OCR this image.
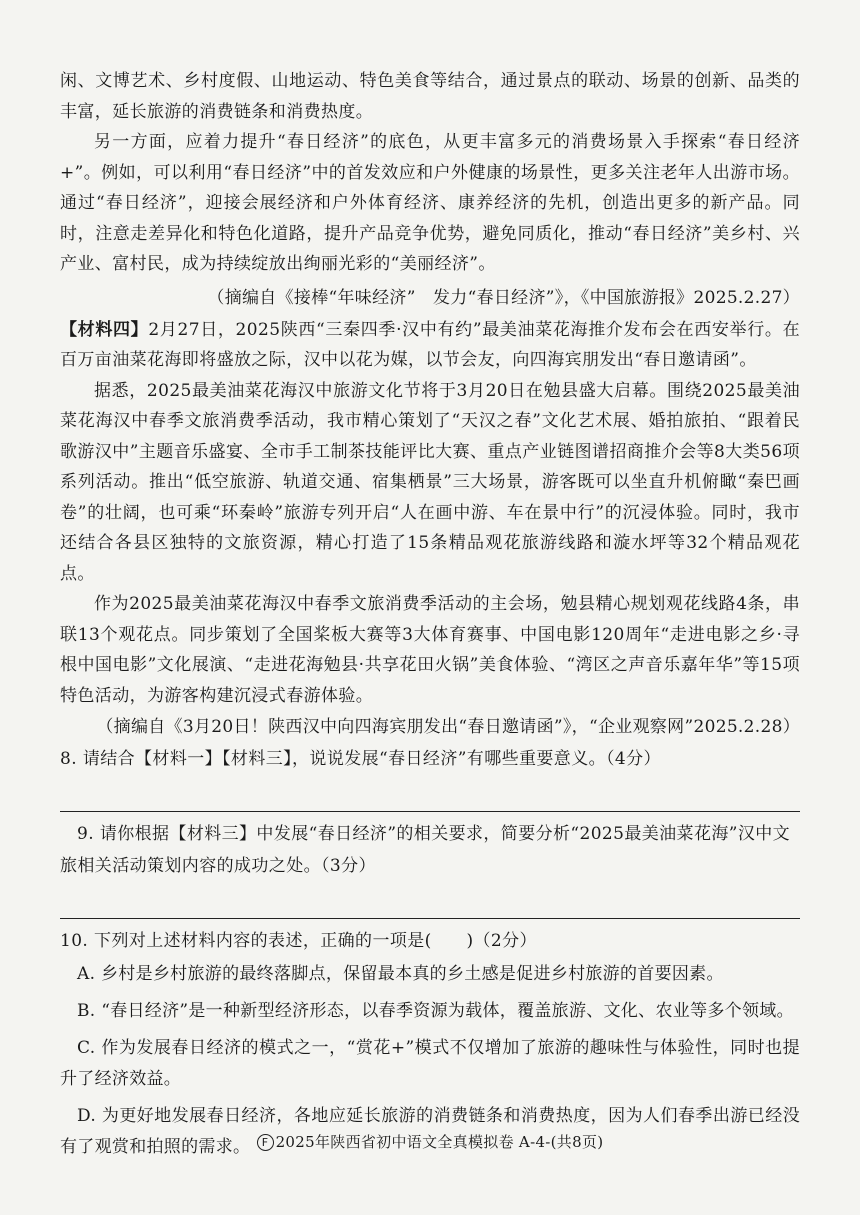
闲、文博艺术、乡村度假、山地运动、特色美食等结合，通过景点的联动、场景的创新、品类的丰富，延长旅游的消费链条和消费热度。

另一方面，应着力提升“春日经济”的底色，从更丰富多元的消费场景入手探索“春日经济+”。例如，可以利用“春日经济”中的首发效应和户外健康的场景性，更多关注老年人出游市场。通过“春日经济”，迎接会展经济和户外体育经济、康养经济的先机，创造出更多的新产品。同时，注意走差异化和特色化道路，提升产品竞争优势，避免同质化，推动“春日经济”美乡村、兴产业、富村民，成为持续绽放出绚丽光彩的“美丽经济”。

（摘编自《接棒“年味经济”　发力“春日经济”》，《中国旅游报》2025.2.27）

【材料四】2月27日，2025陕西“三秦四季·汉中有约”最美油菜花海推介发布会在西安举行。在百万亩油菜花海即将盛放之际，汉中以花为媒，以节会友，向四海宾朋发出“春日邀请函”。

据悉，2025最美油菜花海汉中旅游文化节将于3月20日在勉县盛大启幕。围绕2025最美油菜花海汉中春季文旅消费季活动，我市精心策划了“天汉之春”文化艺术展、婚拍旅拍、“跟着民歌游汉中”主题音乐盛宴、全市手工制茶技能评比大赛、重点产业链图谱招商推介会等8大类56项系列活动。推出“低空旅游、轨道交通、宿集栖景”三大场景，游客既可以坐直升机俯瞰“秦巴画卷”的壮阔，也可乘“环秦岭”旅游专列开启“人在画中游、车在景中行”的沉浸体验。同时，我市还结合各县区独特的文旅资源，精心打造了15条精品观花旅游线路和漩水坪等32个精品观花点。

作为2025最美油菜花海汉中春季文旅消费季活动的主会场，勉县精心规划观花线路4条，串联13个观花点。同步策划了全国桨板大赛等3大体育赛事、中国电影120周年“走进电影之乡·寻根中国电影”文化展演、“走进花海勉县·共享花田火锅”美食体验、“湾区之声音乐嘉年华”等15项特色活动，为游客构建沉浸式春游体验。

（摘编自《3月20日！陕西汉中向四海宾朋发出“春日邀请函”》，“企业观察网”2025.2.28）

8. 请结合【材料一】【材料三】，说说发展“春日经济”有哪些重要意义。（4分）

9. 请你根据【材料三】中发展“春日经济”的相关要求，简要分析“2025最美油菜花海”汉中文旅相关活动策划内容的成功之处。（3分）

10. 下列对上述材料内容的表述，正确的一项是(　　)（2分）

A. 乡村是乡村旅游的最终落脚点，保留最本真的乡土感是促进乡村旅游的首要因素。

B. “春日经济”是一种新型经济形态，以春季资源为载体，覆盖旅游、文化、农业等多个领域。

C. 作为发展春日经济的模式之一，“赏花+”模式不仅增加了旅游的趣味性与体验性，同时也提升了经济效益。

D. 为更好地发展春日经济，各地应延长旅游的消费链条和消费热度，因为人们春季出游已经没有了观赏和拍照的需求。	F 2025年陕西省初中语文全真模拟卷 A-4-(共8页)
